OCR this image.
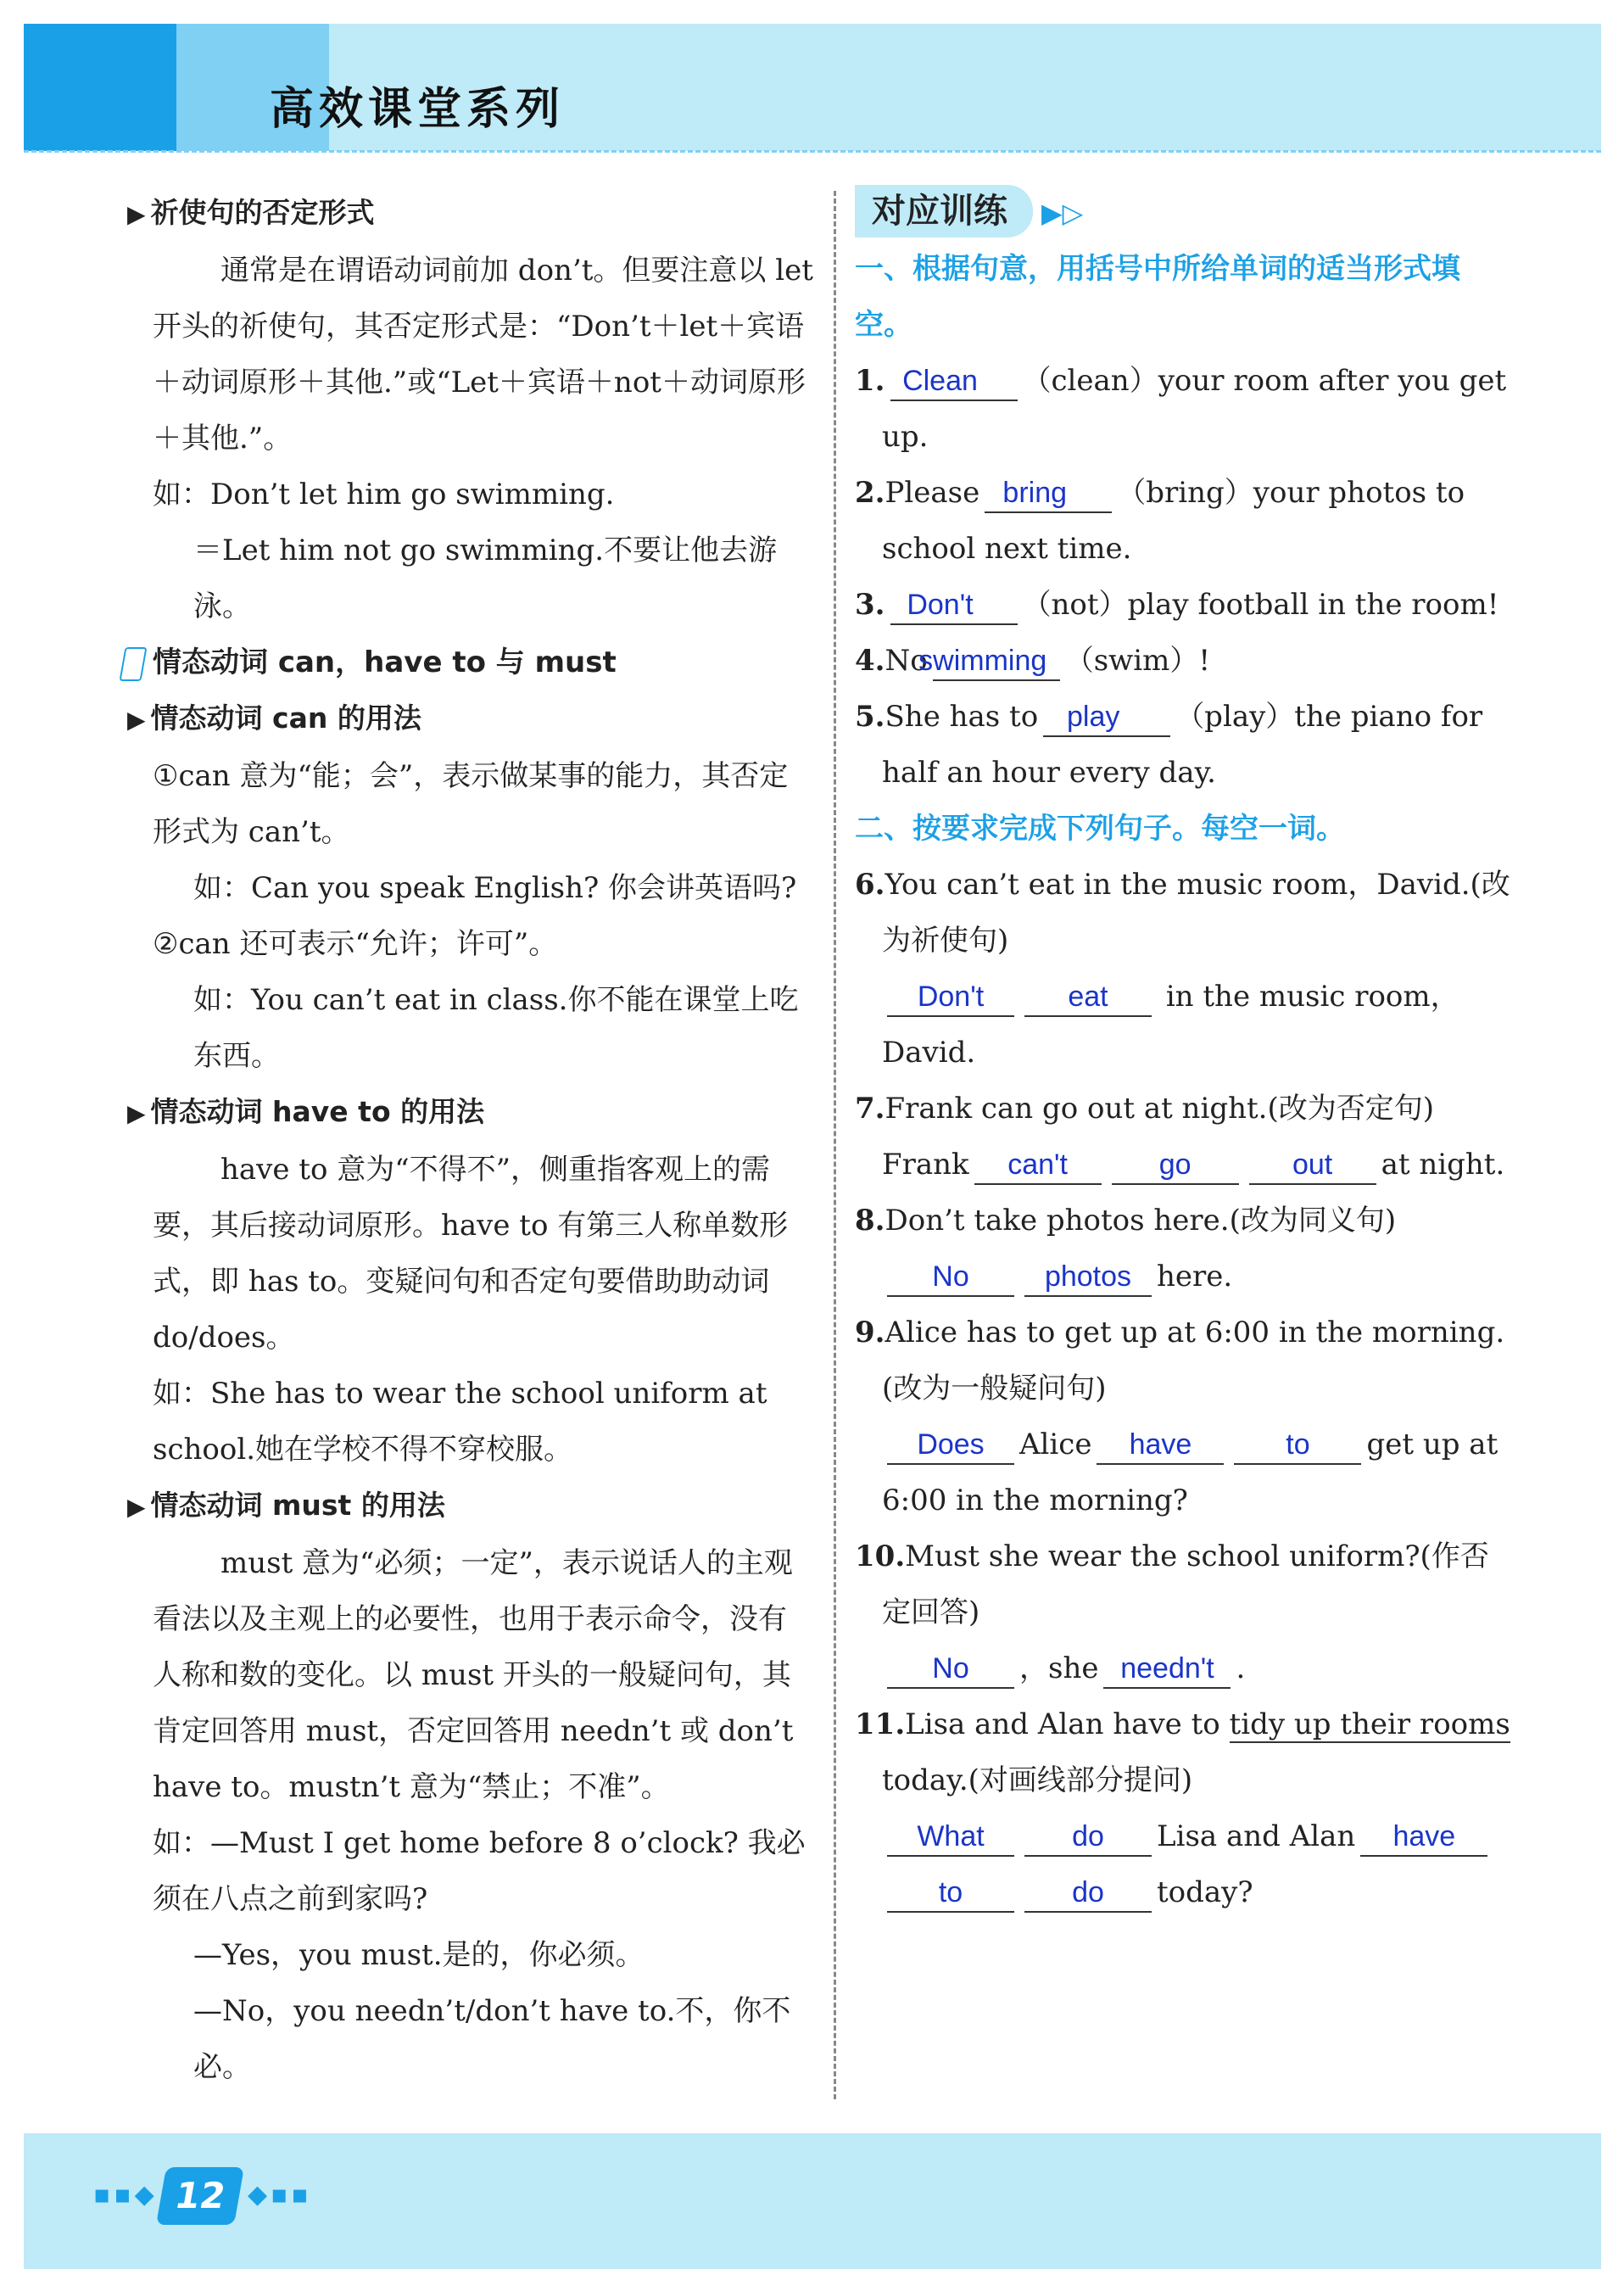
高效课堂系列

▶ 祈使句的否定形式

通常是在谓语动词前加 don’t。但要注意以 let 开头的祈使句，其否定形式是：“Don’t＋let＋宾语＋动词原形＋其他.”或“Let＋宾语＋not＋动词原形＋其他.”。

如：Don’t let him go swimming.

＝Let him not go swimming.不要让他去游泳。

情态动词 can，have to 与 must

▶ 情态动词 can 的用法

①can 意为“能；会”，表示做某事的能力，其否定形式为 can’t。

如：Can you speak English? 你会讲英语吗?

②can 还可表示“允许；许可”。

如：You can’t eat in class.你不能在课堂上吃东西。

▶ 情态动词 have to 的用法

have to 意为“不得不”，侧重指客观上的需要，其后接动词原形。have to 有第三人称单数形式，即 has to。变疑问句和否定句要借助助动词 do/does。

如：She has to wear the school uniform at school.她在学校不得不穿校服。

▶ 情态动词 must 的用法

must 意为“必须；一定”，表示说话人的主观看法以及主观上的必要性，也用于表示命令，没有人称和数的变化。以 must 开头的一般疑问句，其肯定回答用 must，否定回答用 needn’t 或 don’t have to。mustn’t 意为“禁止；不准”。

如：—Must I get home before 8 o’clock? 我必须在八点之前到家吗?

—Yes，you must.是的，你必须。

—No，you needn’t/don’t have to.不，你不必。

对应训练 ▶▷

一、根据句意，用括号中所给单词的适当形式填空。

1. Clean （clean）your room after you get up.

2.Please bring （bring）your photos to school next time.

3. Don't （not）play football in the room!

4.Noswimming （swim）!

5.She has to play （play）the piano for half an hour every day.

二、按要求完成下列句子。每空一词。

6.You can’t eat in the music room，David.(改为祈使句)

Don't	eat in the music room，David.

7.Frank can go out at night.(改为否定句)

Frank can't	go	out at night.

8.Don’t take photos here.(改为同义句)

No	photos here.

9.Alice has to get up at 6:00 in the morning.(改为一般疑问句)

Does Alice have	to get up at 6:00 in the morning?

10.Must she wear the school uniform?(作否定回答)

No ，she needn't .

11.Lisa and Alan have to tidy up their rooms today.(对画线部分提问)

What	do Lisa and Alan have

to	do today?

▪▪◆ 12 ◆▪▪
